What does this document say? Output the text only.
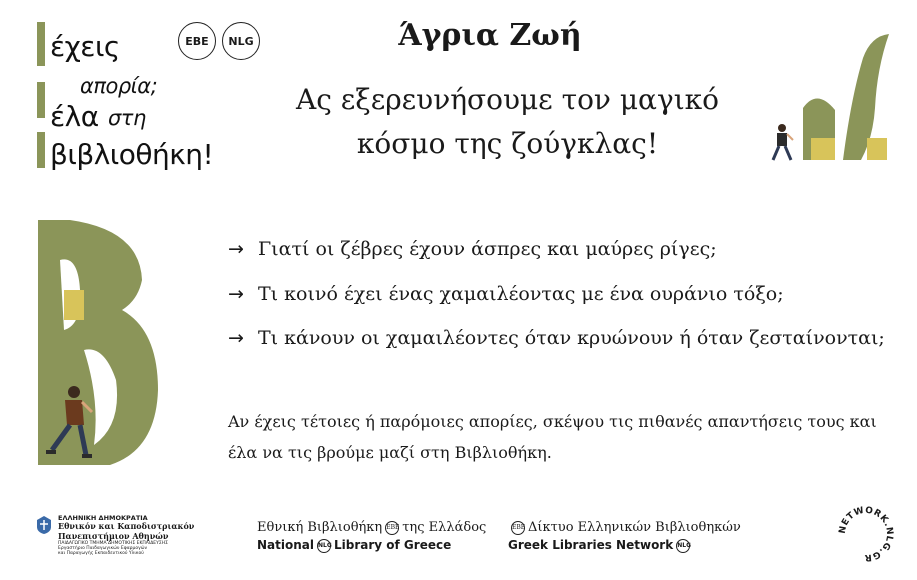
έχεις
απορία;
έλα στη
βιβλιοθήκη!
EBE	NLG	Άγρια Ζωή
Ας εξερευνήσουμε τον μαγικό
κόσμο της ζούγκλας!
→ Γιατί οι ζέβρες έχουν άσπρες και μαύρες ρίγες;
→ Τι κοινό έχει ένας χαμαιλέοντας με ένα ουράνιο τόξο;
→ Τι κάνουν οι χαμαιλέοντες όταν κρυώνουν ή όταν ζεσταίνονται;
Αν έχεις τέτοιες ή παρόμοιες απορίες, σκέψου τις πιθανές απαντήσεις τους και έλα να τις βρούμε μαζί στη Βιβλιοθήκη.
ΕΛΛΗΝΙΚΗ ΔΗΜΟΚΡΑΤΙΑ
Εθνικόν και Καποδιστριακόν
Πανεπιστήμιον Αθηνών
ΠΑΙΔΑΓΩΓΙΚΟ ΤΜΗΜΑ ΔΗΜΟΤΙΚΗΣ ΕΚΠΑΙΔΕΥΣΗΣ
Εργαστήριο Παιδαγωγικών Εφαρμογών
και Παραγωγής Εκπαιδευτικού Υλικού
Εθνική Βιβλιοθήκη EBE της Ελλάδος
National NLG Library of Greece
EBE Δίκτυο Ελληνικών Βιβλιοθηκών
Greek Libraries Network NLG
NETWORK.NLG.GR
